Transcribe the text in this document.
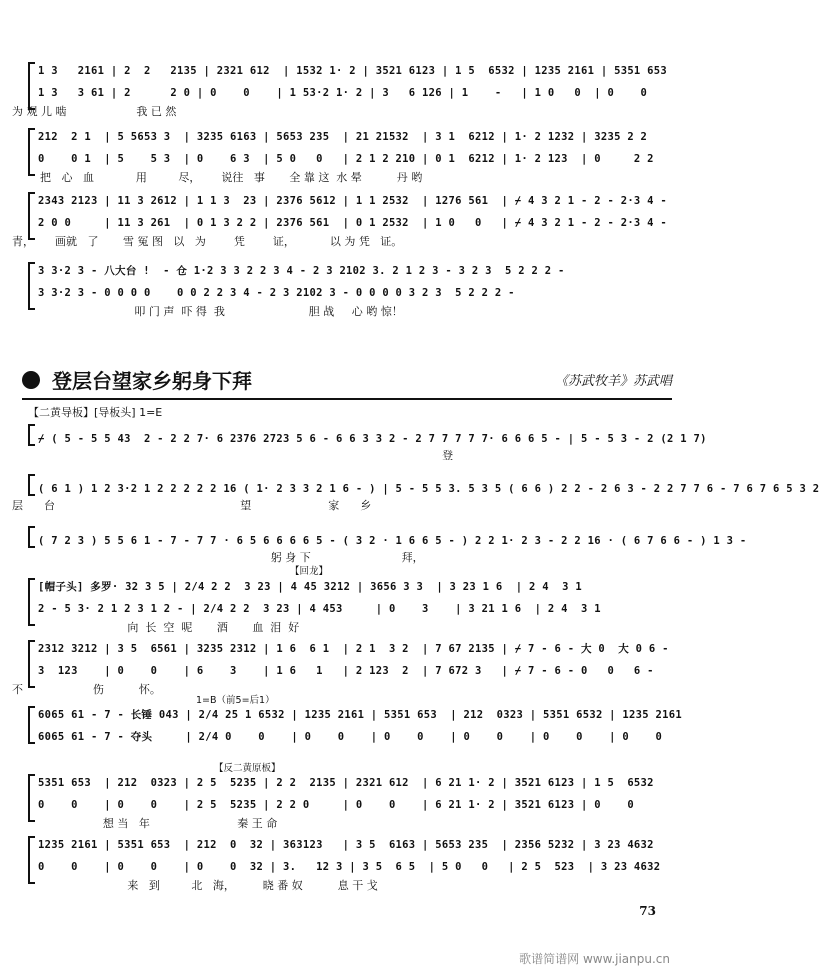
1 3   2161 | 2  2   2135 | 2321 612  | 1532 1· 2 | 3521 6123 | 1 5  6532 | 1235 2161 | 5351 653
1 3   3 61 | 2      2 0 | 0    0    | 1 53·2 1· 2 | 3   6 126 | 1    -   | 1 0   0  | 0    0
为 观 儿 啮                    我 已 然
212  2 1  | 5 5653 3  | 3235 6163 | 5653 235  | 21 21532  | 3 1  6212 | 1· 2 1232 | 3235 2 2
0    0 1  | 5    5 3  | 0    6 3  | 5 0   0   | 2 1 2 210 | 0 1  6212 | 1· 2 123  | 0     2 2
把   心   血            用         尽，      说往   事       全 靠 这  水 晕          丹 哟
2343 2123 | 11 3 2612 | 1 1 3  23 | 2376 5612 | 1 1 2532  | 1276 561  | ⌿ 4 3 2 1 - 2 - 2·3 4 -
2 0 0     | 11 3 261  | 0 1 3 2 2 | 2376 561  | 0 1 2532  | 1 0   0   | ⌿ 4 3 2 1 - 2 - 2·3 4 -
青，      画就   了       雪 冤 图   以   为        凭        证，          以 为 凭   证。
3 3·2 3 - 八大台 !  - 仓 1·2 3 3 2 2 3 4 - 2 3 2102 3. 2 1 2 3 - 3 2 3  5 2 2 2 -
3 3·2 3 - 0 0 0 0    0 0 2 2 3 4 - 2 3 2102 3 - 0 0 0 0 3 2 3  5 2 2 2 -
叩 门 声  吓 得  我                        胆 战     心 哟 惊！
登层台望家乡躬身下拜	《苏武牧羊》苏武唱
【二黄导板】[导板头] 1=E
⌿ ( 5 - 5 5 43  2 - 2 2 7· 6 2376 2723 5 6 - 6 6 3 3 2 - 2 7 7 7 7 7· 6 6 6 5 - | 5 - 5 3 - 2 (2 1 7)
登
( 6 1 ) 1 2 3·2 1 2 2 2 2 2 16 ( 1· 2 3 3 2 1 6 - ) | 5 - 5 5 3. 5 3 5 ( 6 6 ) 2 2 - 2 6 3 - 2 2 7 7 6 - 7 6 7 6 5 3 2
层      台                                                     望                      家      乡
( 7 2 3 ) 5 5 6 1 - 7 - 7 7 · 6 5 6 6 6 6 5 - ( 3 2 · 1 6 6 5 - ) 2 2 1· 2 3 - 2 2 16 · ( 6 7 6 6 - ) 1 3 -
躬 身 下                          拜，
【回龙】
[帽子头] 多罗· 32 3 5 | 2/4 2 2  3 23 | 4 45 3212 | 3656 3 3  | 3 23 1 6  | 2 4  3 1
2 - 5 3· 2 1 2 3 1 2 - | 2/4 2 2  3 23 | 4 453     | 0    3    | 3 21 1 6  | 2 4  3 1
向  长  空  呢       酒       血  泪  好
2312 3212 | 3 5  6561 | 3235 2312 | 1 6  6 1  | 2 1  3 2  | 7 67 2135 | ⌿ 7 - 6 - 大 0  大 0 6 -
3  123    | 0    0    | 6    3    | 1 6   1   | 2 123  2  | 7 672 3   | ⌿ 7 - 6 - 0   0   6 -
不                    伤          怀。
1=B（前5=后1）
6065 61 - 7 - 长锤 043 | 2/4 25 1 6532 | 1235 2161 | 5351 653  | 212  0323 | 5351 6532 | 1235 2161
6065 61 - 7 - 夺头     | 2/4 0    0    | 0    0    | 0    0    | 0    0    | 0    0    | 0    0
【反二黄原板】
5351 653  | 212  0323 | 2 5  5235 | 2 2  2135 | 2321 612  | 6 21 1· 2 | 3521 6123 | 1 5  6532
0    0    | 0    0    | 2 5  5235 | 2 2 0     | 0    0    | 6 21 1· 2 | 3521 6123 | 0    0
想 当   年                         秦 王 命
1235 2161 | 5351 653  | 212  0  32 | 363123   | 3 5  6163 | 5653 235  | 2356 5232 | 3 23 4632
0    0    | 0    0    | 0    0  32 | 3.   12 3 | 3 5  6 5  | 5 0   0   | 2 5  523  | 3 23 4632
来   到         北   海，        晓 番 奴          息 干 戈
73
歌谱简谱网 www.jianpu.cn
